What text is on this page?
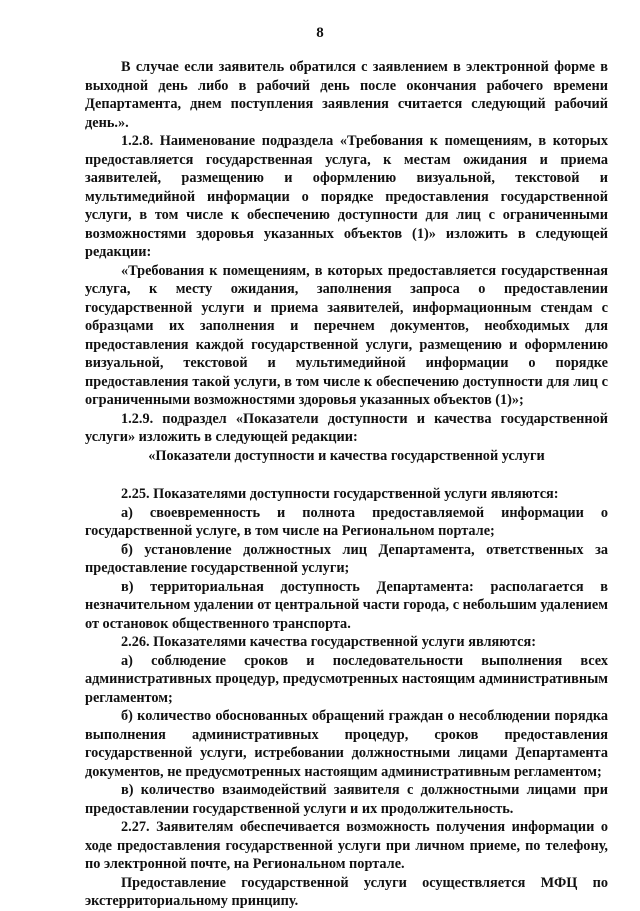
8

В случае если заявитель обратился с заявлением в электронной форме в выходной день либо в рабочий день после окончания рабочего времени Департамента, днем поступления заявления считается следующий рабочий день.».

1.2.8. Наименование подраздела «Требования к помещениям, в которых предоставляется государственная услуга, к местам ожидания и приема заявителей, размещению и оформлению визуальной, текстовой и мультимедийной информации о порядке предоставления государственной услуги, в том числе к обеспечению доступности для лиц с ограниченными возможностями здоровья указанных объектов (1)» изложить в следующей редакции:

«Требования к помещениям, в которых предоставляется государственная услуга, к месту ожидания, заполнения запроса о предоставлении государственной услуги и приема заявителей, информационным стендам с образцами их заполнения и перечнем документов, необходимых для предоставления каждой государственной услуги, размещению и оформлению визуальной, текстовой и мультимедийной информации о порядке предоставления такой услуги, в том числе к обеспечению доступности для лиц с ограниченными возможностями здоровья указанных объектов (1)»;

1.2.9. подраздел «Показатели доступности и качества государственной услуги» изложить в следующей редакции:

«Показатели доступности и качества государственной услуги

2.25. Показателями доступности государственной услуги являются:

а) своевременность и полнота предоставляемой информации о государственной услуге, в том числе на Региональном портале;

б) установление должностных лиц Департамента, ответственных за предоставление государственной услуги;

в) территориальная доступность Департамента: располагается в незначительном удалении от центральной части города, с небольшим удалением от остановок общественного транспорта.

2.26. Показателями качества государственной услуги являются:

а) соблюдение сроков и последовательности выполнения всех административных процедур, предусмотренных настоящим административным регламентом;

б) количество обоснованных обращений граждан о несоблюдении порядка выполнения административных процедур, сроков предоставления государственной услуги, истребовании должностными лицами Департамента документов, не предусмотренных настоящим административным регламентом;

в) количество взаимодействий заявителя с должностными лицами при предоставлении государственной услуги и их продолжительность.

2.27. Заявителям обеспечивается возможность получения информации о ходе предоставления государственной услуги при личном приеме, по телефону, по электронной почте, на Региональном портале.

Предоставление государственной услуги осуществляется МФЦ по экстерриториальному принципу.
